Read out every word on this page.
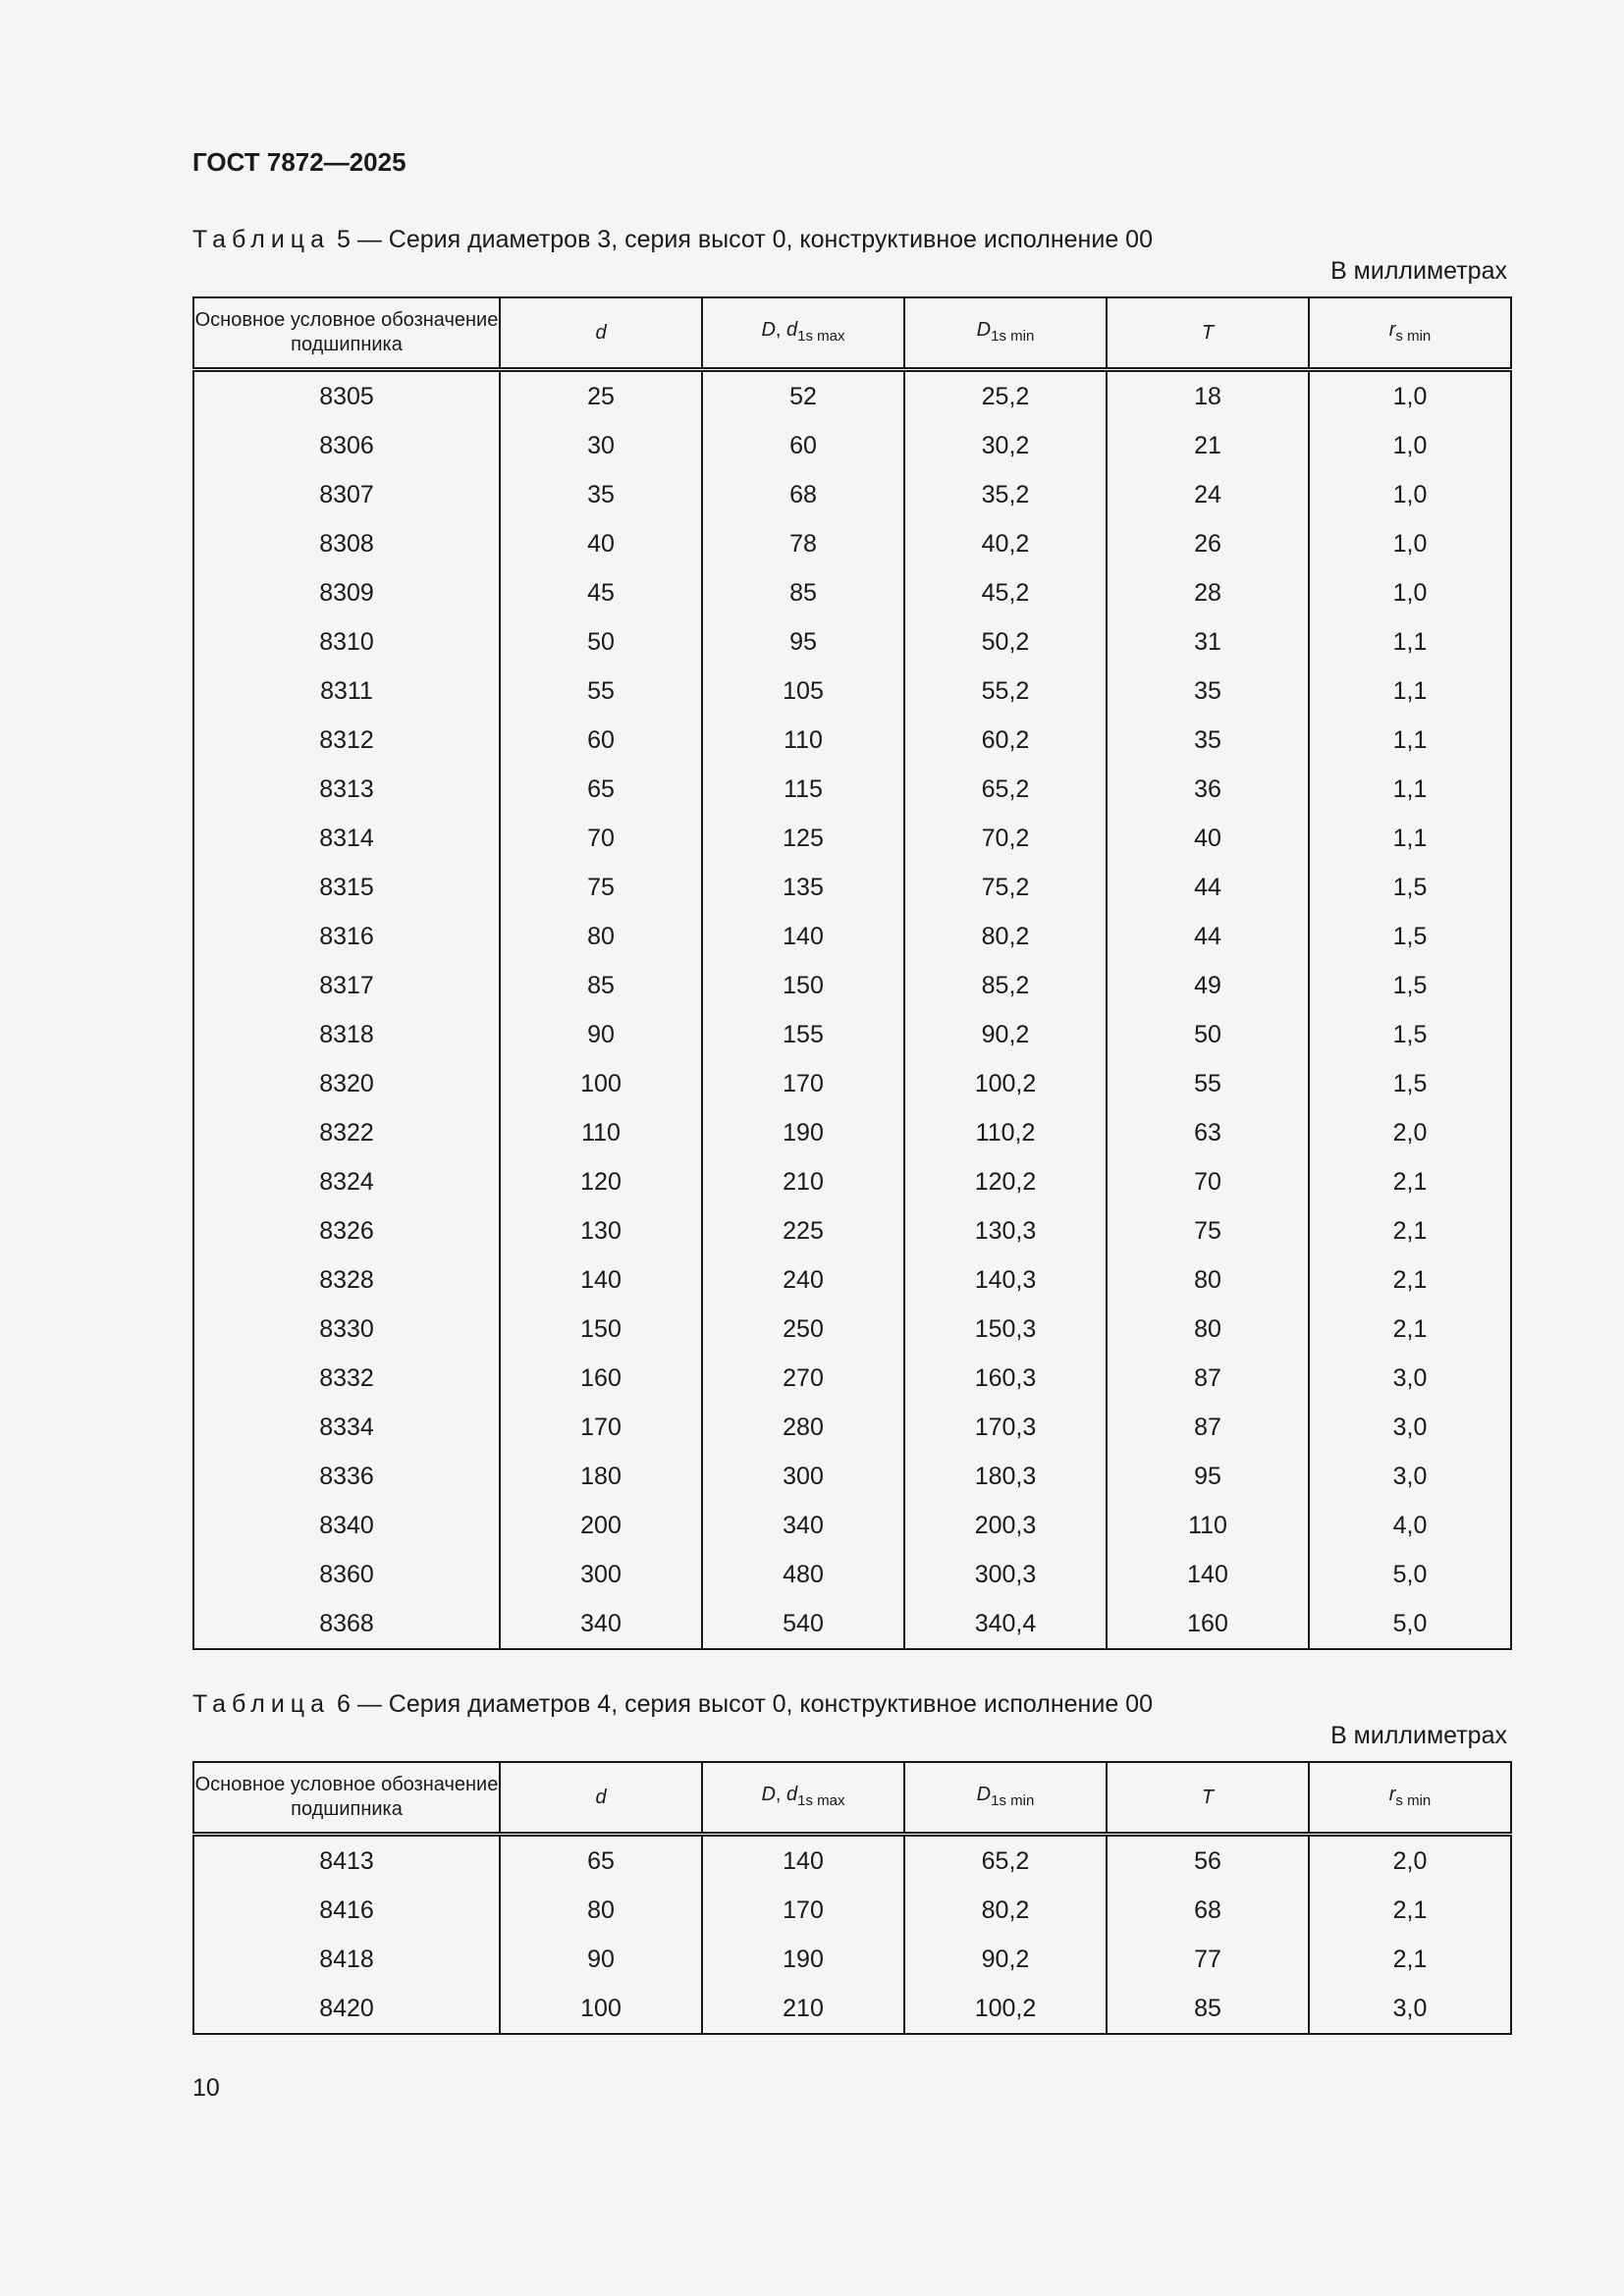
ГОСТ 7872—2025
Таблица 5 — Серия диаметров 3, серия высот 0, конструктивное исполнение 00
В миллиметрах
Основное условное обозначение подшипника	d	D, $d_{1s max}$	$D_{1s min}$	T	$r_{s min}$
8305	25	52	25,2	18	1,0
8306	30	60	30,2	21	1,0
8307	35	68	35,2	24	1,0
8308	40	78	40,2	26	1,0
8309	45	85	45,2	28	1,0
8310	50	95	50,2	31	1,1
8311	55	105	55,2	35	1,1
8312	60	110	60,2	35	1,1
8313	65	115	65,2	36	1,1
8314	70	125	70,2	40	1,1
8315	75	135	75,2	44	1,5
8316	80	140	80,2	44	1,5
8317	85	150	85,2	49	1,5
8318	90	155	90,2	50	1,5
8320	100	170	100,2	55	1,5
8322	110	190	110,2	63	2,0
8324	120	210	120,2	70	2,1
8326	130	225	130,3	75	2,1
8328	140	240	140,3	80	2,1
8330	150	250	150,3	80	2,1
8332	160	270	160,3	87	3,0
8334	170	280	170,3	87	3,0
8336	180	300	180,3	95	3,0
8340	200	340	200,3	110	4,0
8360	300	480	300,3	140	5,0
8368	340	540	340,4	160	5,0
Таблица 6 — Серия диаметров 4, серия высот 0, конструктивное исполнение 00
В миллиметрах
Основное условное обозначение подшипника	d	D, $d_{1s max}$	$D_{1s min}$	T	$r_{s min}$
8413	65	140	65,2	56	2,0
8416	80	170	80,2	68	2,1
8418	90	190	90,2	77	2,1
8420	100	210	100,2	85	3,0
10
